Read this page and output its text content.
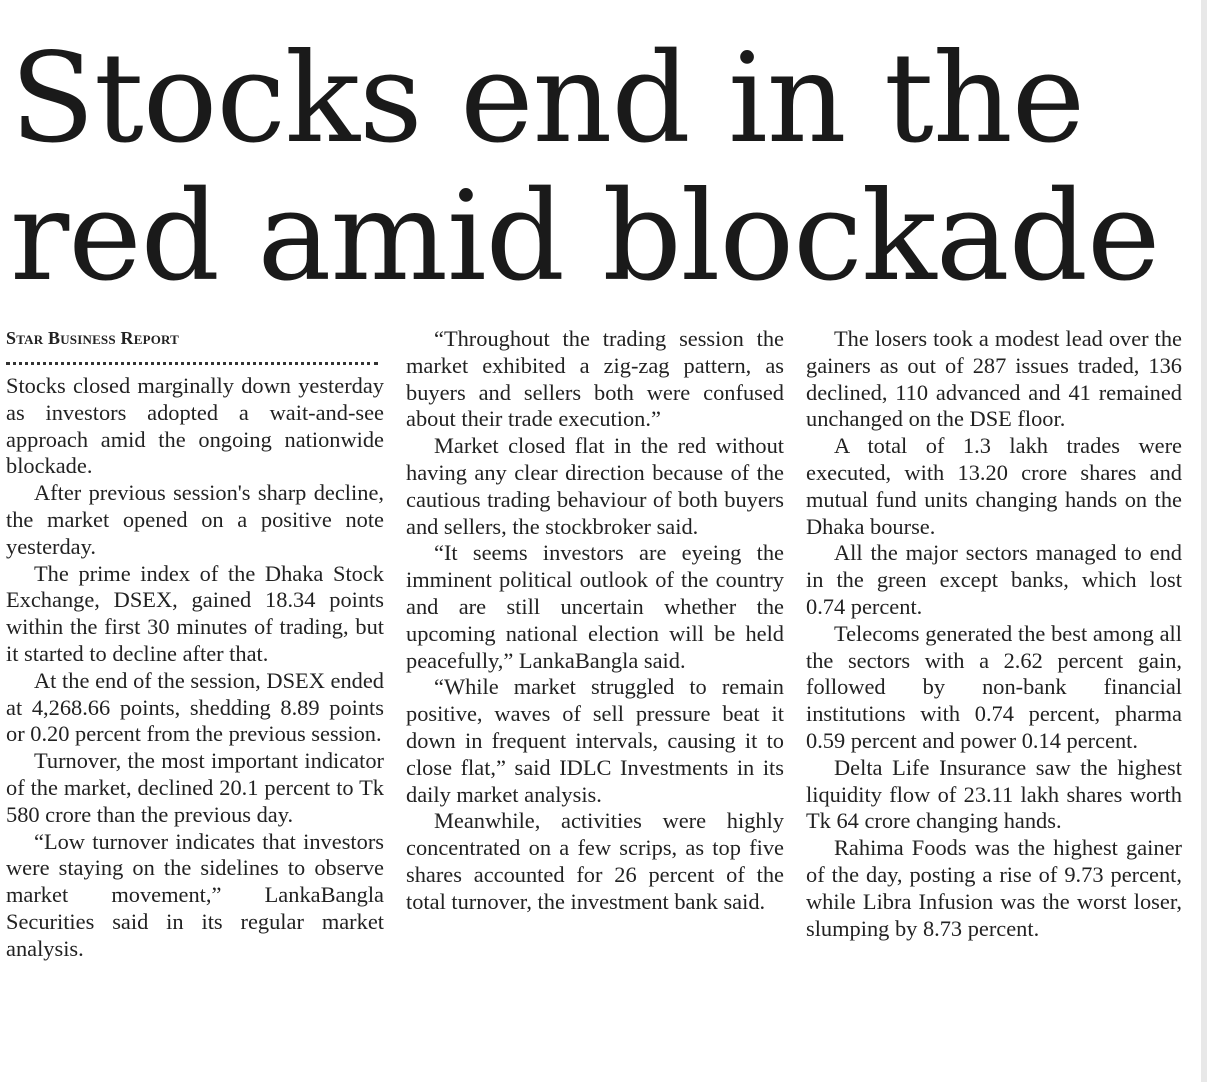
Stocks end in the
red amid blockade
Star Business Report

Stocks closed marginally down yesterday as investors adopted a wait-and-see approach amid the ongoing nationwide blockade.

After previous session's sharp decline, the market opened on a positive note yesterday.

The prime index of the Dhaka Stock Exchange, DSEX, gained 18.34 points within the first 30 minutes of trading, but it started to decline after that.

At the end of the session, DSEX ended at 4,268.66 points, shedding 8.89 points or 0.20 percent from the previous session.

Turnover, the most important indicator of the market, declined 20.1 percent to Tk 580 crore than the previous day.

“Low turnover indicates that investors were staying on the sidelines to observe market movement,” LankaBangla Securities said in its regular market analysis.

“Throughout the trading session the market exhibited a zig-zag pattern, as buyers and sellers both were confused about their trade execution.”

Market closed flat in the red without having any clear direction because of the cautious trading behaviour of both buyers and sellers, the stockbroker said.

“It seems investors are eyeing the imminent political outlook of the country and are still uncertain whether the upcoming national election will be held peacefully,” LankaBangla said.

“While market struggled to remain positive, waves of sell pressure beat it down in frequent intervals, causing it to close flat,” said IDLC Investments in its daily market analysis.

Meanwhile, activities were highly concentrated on a few scrips, as top five shares accounted for 26 percent of the total turnover, the investment bank said.

The losers took a modest lead over the gainers as out of 287 issues traded, 136 declined, 110 advanced and 41 remained unchanged on the DSE floor.

A total of 1.3 lakh trades were executed, with 13.20 crore shares and mutual fund units changing hands on the Dhaka bourse.

All the major sectors managed to end in the green except banks, which lost 0.74 percent.

Telecoms generated the best among all the sectors with a 2.62 percent gain, followed by non-bank financial institutions with 0.74 percent, pharma 0.59 percent and power 0.14 percent.

Delta Life Insurance saw the highest liquidity flow of 23.11 lakh shares worth Tk 64 crore changing hands.

Rahima Foods was the highest gainer of the day, posting a rise of 9.73 percent, while Libra Infusion was the worst loser, slumping by 8.73 percent.
